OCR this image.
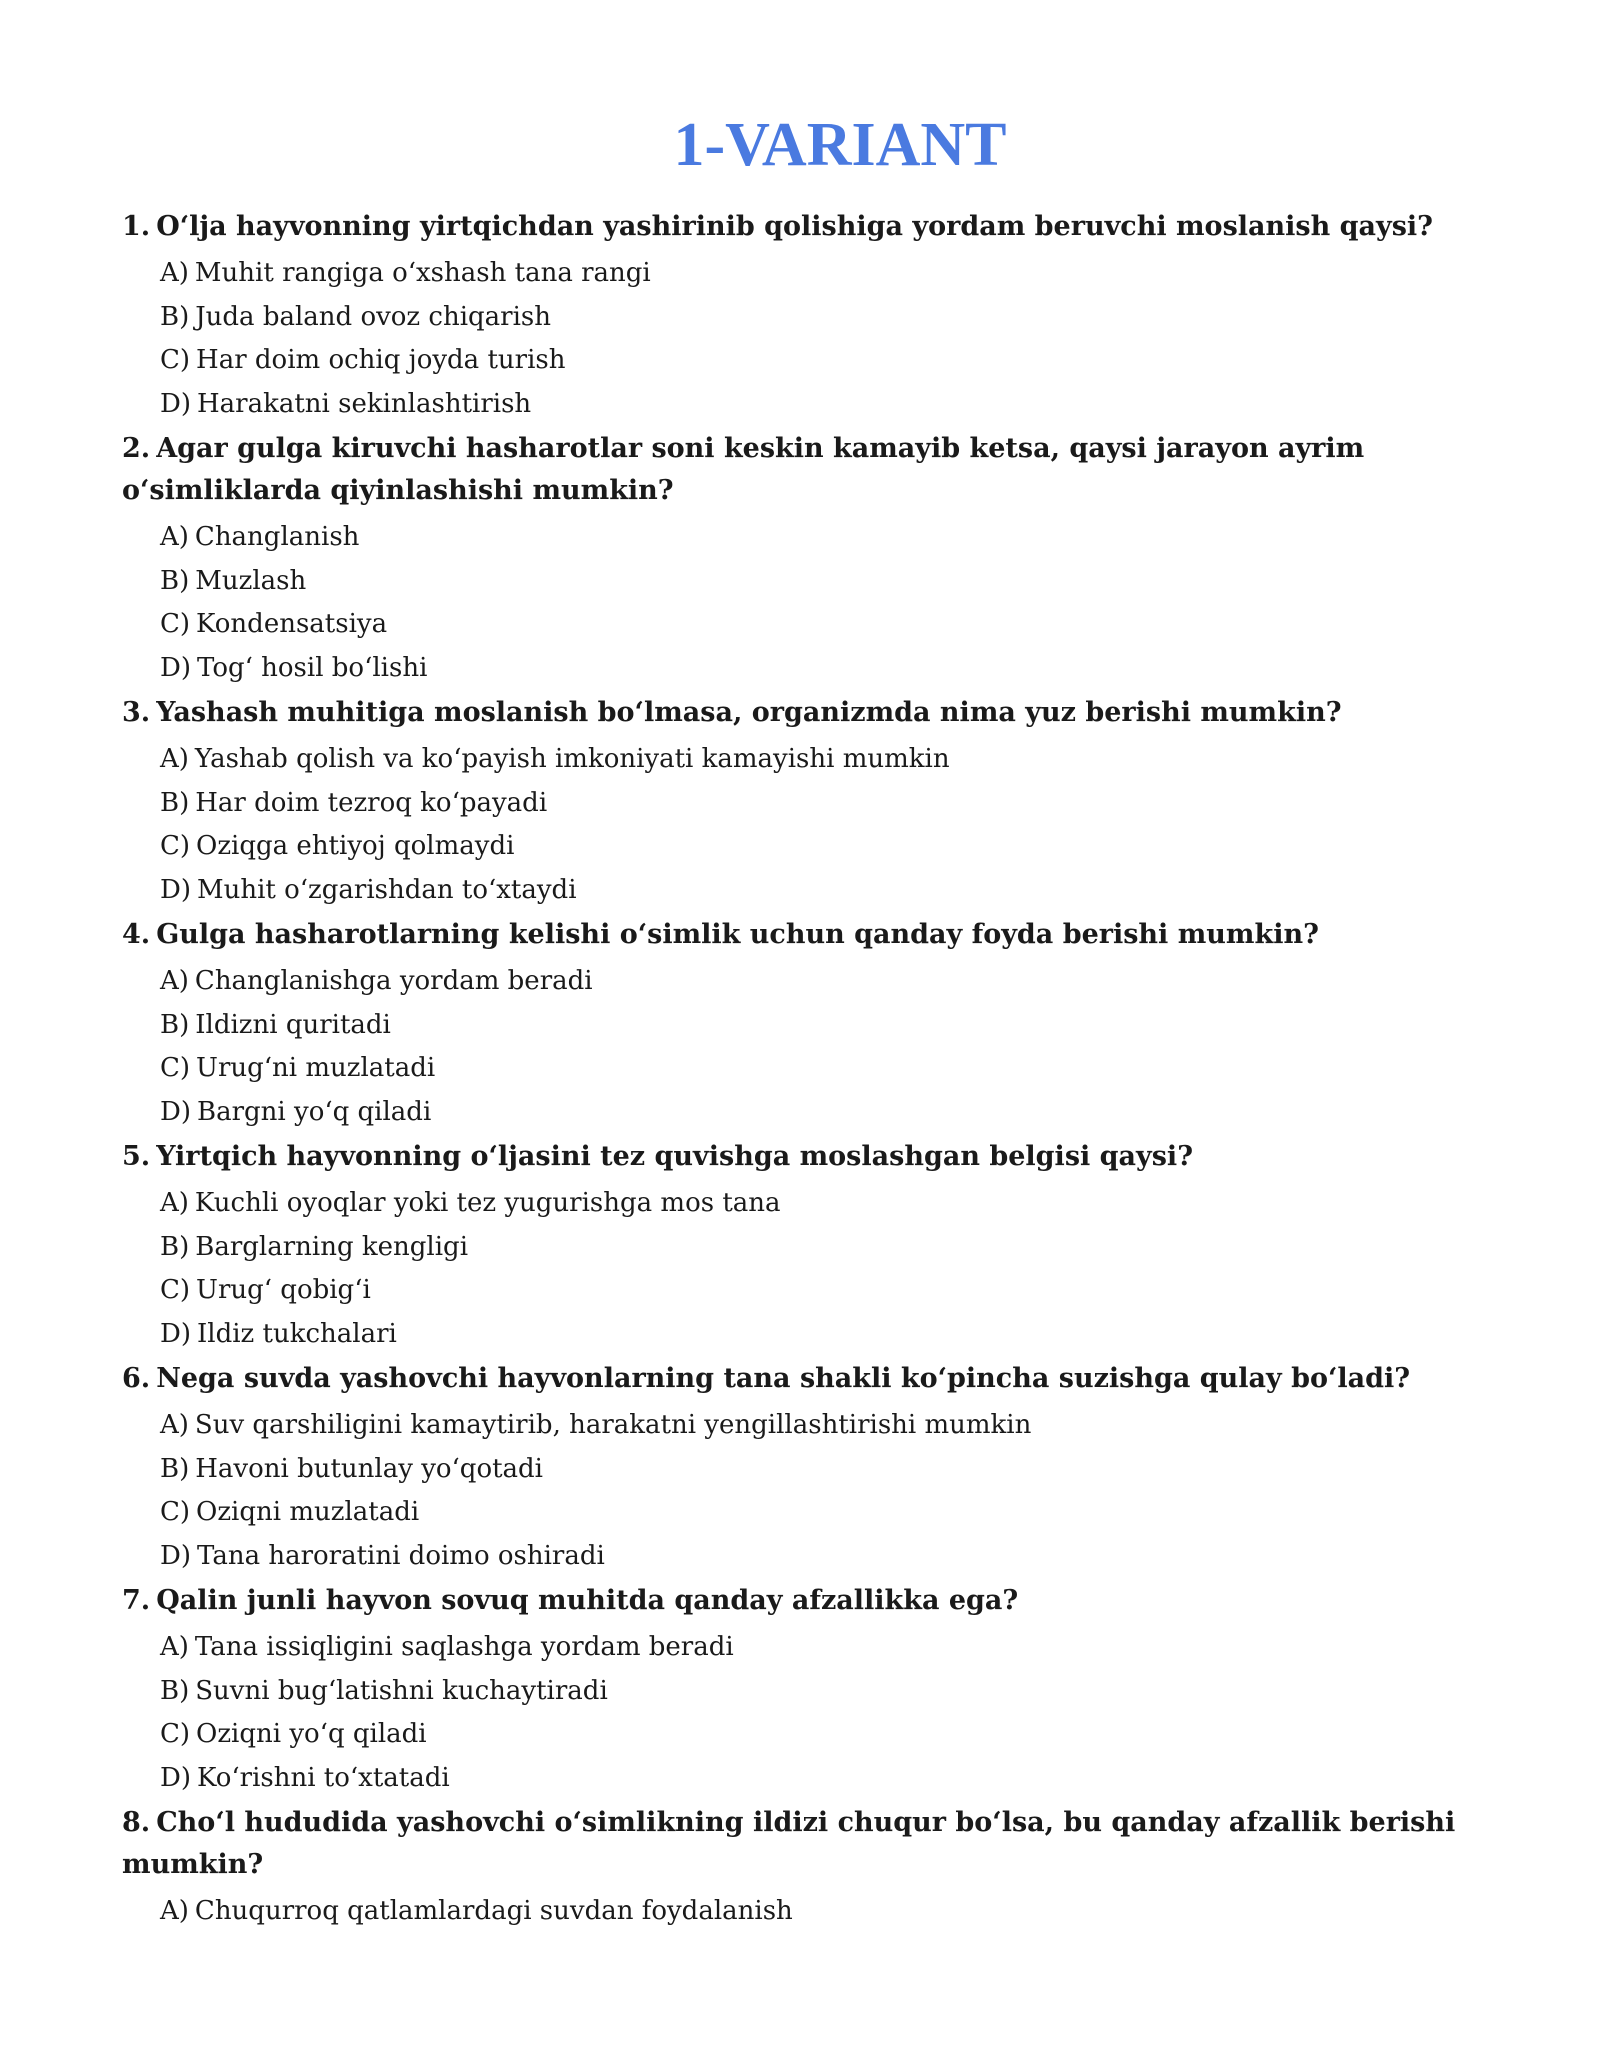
1-VARIANT

1. O‘lja hayvonning yirtqichdan yashirinib qolishiga yordam beruvchi moslanish qaysi?

A) Muhit rangiga o‘xshash tana rangi
B) Juda baland ovoz chiqarish
C) Har doim ochiq joyda turish
D) Harakatni sekinlashtirish

2. Agar gulga kiruvchi hasharotlar soni keskin kamayib ketsa, qaysi jarayon ayrim o‘simliklarda qiyinlashishi mumkin?

A) Changlanish
B) Muzlash
C) Kondensatsiya
D) Tog‘ hosil bo‘lishi

3. Yashash muhitiga moslanish bo‘lmasa, organizmda nima yuz berishi mumkin?

A) Yashab qolish va ko‘payish imkoniyati kamayishi mumkin
B) Har doim tezroq ko‘payadi
C) Oziqga ehtiyoj qolmaydi
D) Muhit o‘zgarishdan to‘xtaydi

4. Gulga hasharotlarning kelishi o‘simlik uchun qanday foyda berishi mumkin?

A) Changlanishga yordam beradi
B) Ildizni quritadi
C) Urug‘ni muzlatadi
D) Bargni yo‘q qiladi

5. Yirtqich hayvonning o‘ljasini tez quvishga moslashgan belgisi qaysi?

A) Kuchli oyoqlar yoki tez yugurishga mos tana
B) Barglarning kengligi
C) Urug‘ qobig‘i
D) Ildiz tukchalari

6. Nega suvda yashovchi hayvonlarning tana shakli ko‘pincha suzishga qulay bo‘ladi?

A) Suv qarshiligini kamaytirib, harakatni yengillashtirishi mumkin
B) Havoni butunlay yo‘qotadi
C) Oziqni muzlatadi
D) Tana haroratini doimo oshiradi

7. Qalin junli hayvon sovuq muhitda qanday afzallikka ega?

A) Tana issiqligini saqlashga yordam beradi
B) Suvni bug‘latishni kuchaytiradi
C) Oziqni yo‘q qiladi
D) Ko‘rishni to‘xtatadi

8. Cho‘l hududida yashovchi o‘simlikning ildizi chuqur bo‘lsa, bu qanday afzallik berishi mumkin?

A) Chuqurroq qatlamlardagi suvdan foydalanish
